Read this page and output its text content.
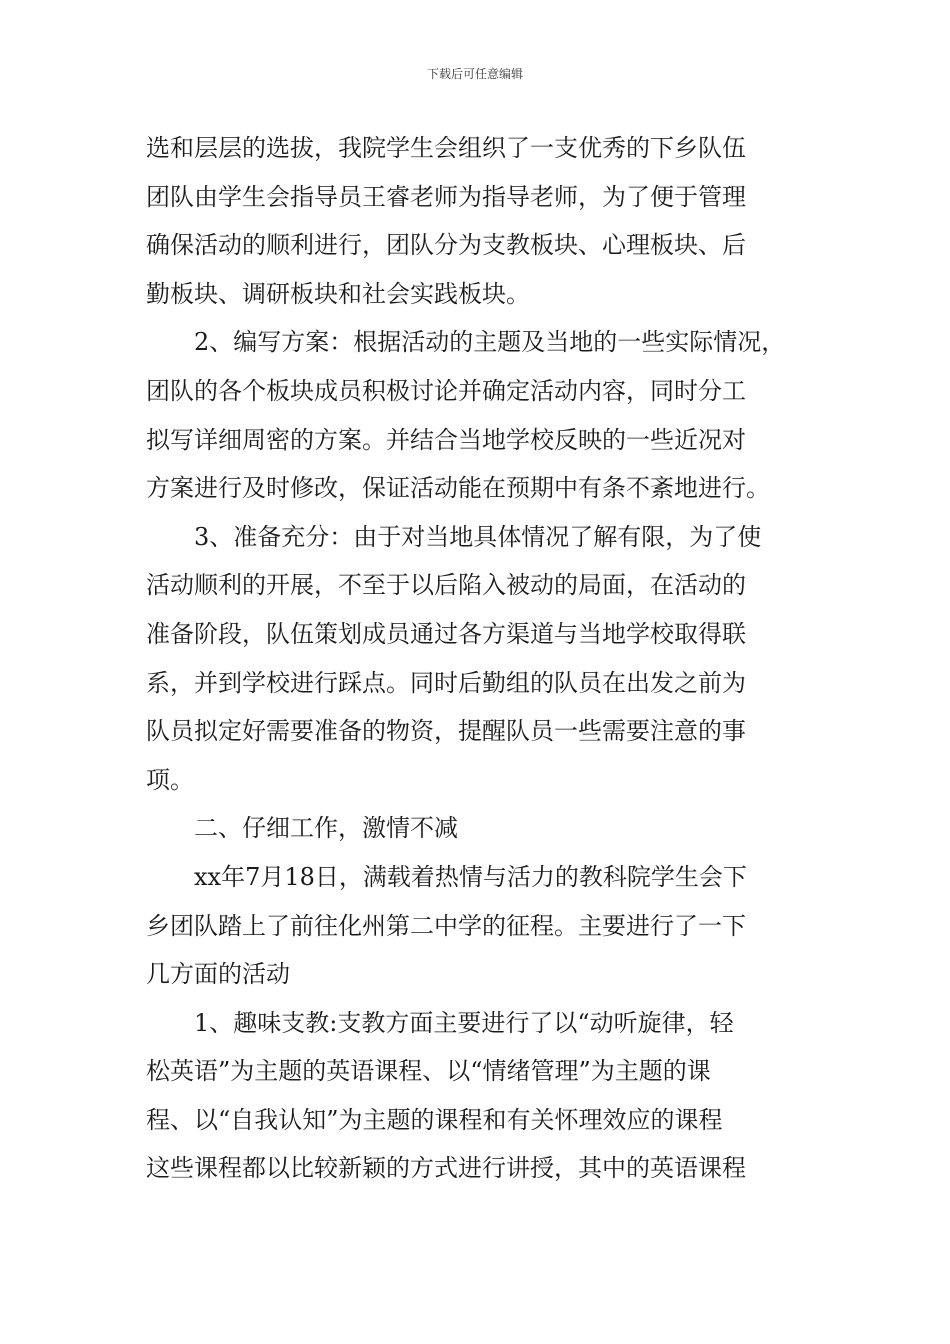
下载后可任意编辑
选和层层的选拔，我院学生会组织了一支优秀的下乡队伍
团队由学生会指导员王睿老师为指导老师，为了便于管理
确保活动的顺利进行，团队分为支教板块、心理板块、后
勤板块、调研板块和社会实践板块。
　　2、编写方案：根据活动的主题及当地的一些实际情况，
团队的各个板块成员积极讨论并确定活动内容，同时分工
拟写详细周密的方案。并结合当地学校反映的一些近况对
方案进行及时修改，保证活动能在预期中有条不紊地进行。
　　3、准备充分：由于对当地具体情况了解有限，为了使
活动顺利的开展，不至于以后陷入被动的局面，在活动的
准备阶段，队伍策划成员通过各方渠道与当地学校取得联
系，并到学校进行踩点。同时后勤组的队员在出发之前为
队员拟定好需要准备的物资，提醒队员一些需要注意的事
项。
　　二、仔细工作，激情不减
　　xx年7月18日，满载着热情与活力的教科院学生会下
乡团队踏上了前往化州第二中学的征程。主要进行了一下
几方面的活动
　　1、趣味支教:支教方面主要进行了以“动听旋律，轻
松英语”为主题的英语课程、以“情绪管理”为主题的课
程、以“自我认知”为主题的课程和有关怀理效应的课程
这些课程都以比较新颖的方式进行讲授，其中的英语课程
